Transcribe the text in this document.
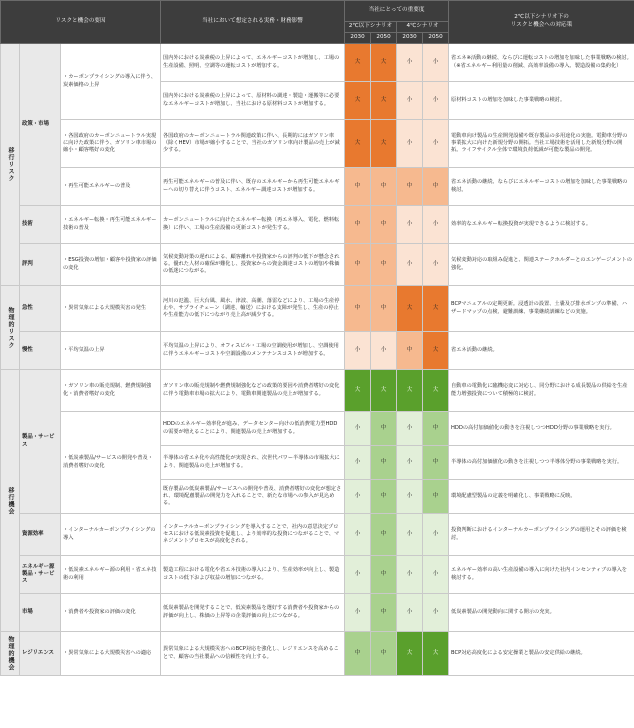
リスクと機会の要因			当社において想定される実務・財務影響	当社にとっての重要度				2℃以下シナリオ下の
リスクと機会への対応策

				2℃以下シナリオ		4℃シナリオ		
				2030	2050	2030	2050	
移行リスク	政策・市場	・カーボンプライシングの導入に伴う、炭素価格の上昇	国内外における炭素税の上昇によって、エネルギーコストが増加し、工場の生産設備、照明、空調等の運転コストが増加する。	大	大	小	小	省エネ※活動の継続、ならびに運転コストの増加を加味した事業戦略の検討。（※省エネルギー利用量の削減、高効率設備の導入、製造設備の集約化）
			国内外における炭素税の上昇によって、原材料の調達・製造・運搬等に必要なエネルギーコストが増加し、当社における原材料コストが増加する。	大	大	小	小	原材料コストの増加を加味した事業戦略の検討。
		・各国政府のカーボンニュートラル実現に向けた政策に伴う、ガソリン車市場の縮小・顧客嗜好の変化	各国政府のカーボンニュートラル関連政策に伴い、長期的にはガソリン車（除くHEV）市場が縮小することで、当社のガソリン車向け製品の売上が減少する。	大	大	小	小	電動車向け製品の生産開発設備や既存製品の多用途化の実施。電動車分野の事業拡大に向けた新規分野の開拓。当社工場技術を活用した新規分野の開拓。ライフサイクル全体で環境負荷低減が可能な製品の開発。
		・再生可能エネルギーの普及	再生可能エネルギーの普及に伴い、既存のエネルギーから再生可能エネルギーへの切り替えに伴うコスト、エネルギー調達コストが増加する。	中	中	中	中	省エネ活動の継続、ならびにエネルギーコストの増加を加味した事業戦略の検討。
	技術	・エネルギー転換・再生可能エネルギー技術の普及	カーボンニュートラルに向けたエネルギー転換（再エネ導入、電化、燃料転換）に伴い、工場の生産設備の更新コストが発生する。	中	中	小	小	効率的なエネルギー転換投資が実現できるように検討する。
	評判	・ESG投資の増加・顧客や投資家の評価の変化	気候変動対策の遅れによる、顧客離れや投資家からの評判の低下が懸念される。優れた人材の確保が難化し、投資家からの資金調達コストの増加や株価の低迷につながる。	中	中	小	小	気候変動対応の取組み促進と、関連ステークホルダーとのエンゲージメントの強化。
物理的リスク	急性	・異常気象による大規模災害の発生	河川の氾濫、巨大台風、風水、津波、高潮、落雷などにより、工場の生産停止や、サプライチェーン（調達、輸送）における支障が発生し、生産の停止や生産能力の低下につながり売上高が減少する。	中	中	大	大	BCPマニュアルの定期更新。浸透計の設置、土嚢及び排水ポンプの準備、ハザードマップの点検、避難訓練、事業継続訓練などの実施。
	慢性	・平均気温の上昇	平均気温の上昇により、オフィスビル・工場の空調使用が増加し、空調使用に伴うエネルギーコストや空調設備のメンテナンスコストが増加する。	小	小	中	大	省エネ活動の継続。
移行機会	製品・サービス	・ガソリン車の販売規制、燃費規制強化・消費者嗜好の変化	ガソリン車の販売規制や燃費規制強化などの政策的要因や消費者嗜好の変化に伴う電動車市場の拡大により、電動車関連製品の売上が増加する。	大	大	大	大	自動車の電動化に臨機応変に対応し、同分野における成長製品の供給を生産能力増強投資について積極的に検討。
		・低炭素製品/サービスの開発や普及・消費者嗜好の変化	HDDのエネルギー効率化が進み、データセンター向けの低消費電力型HDDの需要が増えることにより、関連製品の売上が増加する。	小	中	小	中	HDDの高付加価値化の動きを注視しつつHDD分野の事業戦略を実行。
			半導体の省エネ化や高性能化が実現され、次世代パワー半導体の市場拡大により、関連製品の売上が増加する。	小	中	小	中	半導体の高付加価値化の動きを注視しつつ半導体分野の事業戦略を実行。
			既存製品の低炭素製品/サービスへの開発や普及、消費者嗜好の変化が想定され、環境配慮製品の開発力を入れることで、新たな市場への参入が見込める。	小	中	小	中	環境配慮型製品の定義を明確化し、事業戦略に反映。
	資源効率	・インターナルカーボンプライシングの導入	インターナルカーボンプライシングを導入することで、社内の意思決定プロセスにおける低炭素投資を促進し、より効率的な投資につながることで、マネジメントプロセスが高度化される。	小	中	小	小	投資判断におけるインターナルカーボンプライシングの運用とその評価を検討。
	エネルギー源製品・サービス	・低炭素エネルギー源の利用・省エネ技術の利用	製造工程における電化や省エネ技術の導入により、生産効率が向上し、製造コストの低下および収益の増加につながる。	小	中	小	小	エネルギー効率の高い生産設備の導入に向けた社内インセンティブの導入を検討する。
	市場	・消費者や投資家の評価の変化	低炭素製品を開発することで、低炭素製品を選好する消費者や投資家からの評価が向上し、株価の上昇等の企業評価の向上につながる。	小	中	小	小	低炭素製品の開発動向に関する開示の充実。
物理的機会	レジリエンス	・異常気象による大規模災害への適応	異常気象による大規模災害へのBCP対応を強化し、レジリエンスを高めることで、顧客の当社製品への信頼性を向上する。	中	中	大	大	BCP対応高度化による安定操業と製品の安定供給の継続。
